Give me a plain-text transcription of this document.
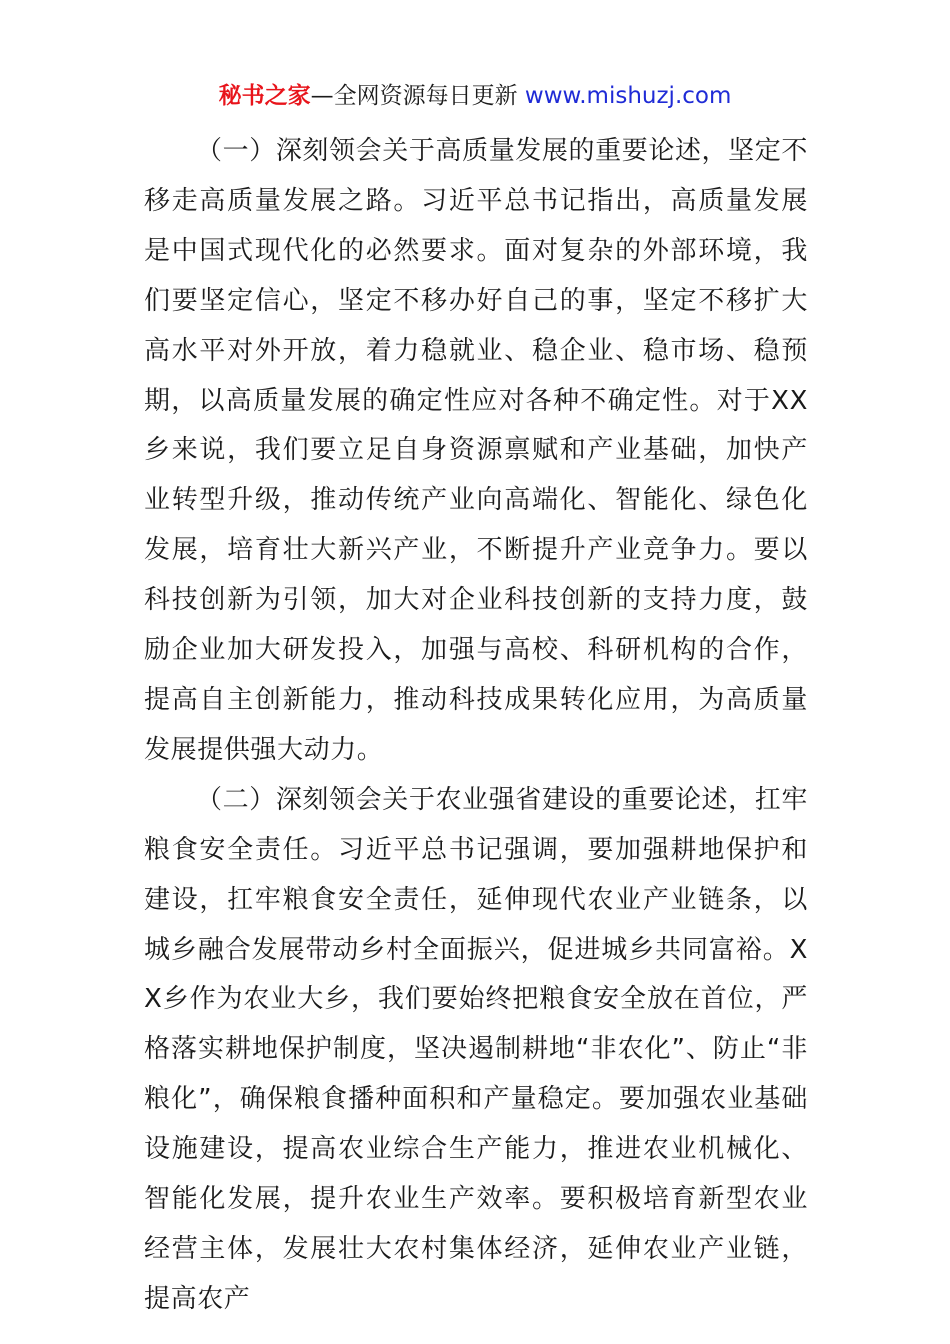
秘书之家—全网资源每日更新 www.mishuzj.com

（一）深刻领会关于高质量发展的重要论述，坚定不移走高质量发展之路。习近平总书记指出，高质量发展是中国式现代化的必然要求。面对复杂的外部环境，我们要坚定信心，坚定不移办好自己的事，坚定不移扩大高水平对外开放，着力稳就业、稳企业、稳市场、稳预期，以高质量发展的确定性应对各种不确定性。对于XX乡来说，我们要立足自身资源禀赋和产业基础，加快产业转型升级，推动传统产业向高端化、智能化、绿色化发展，培育壮大新兴产业，不断提升产业竞争力。要以科技创新为引领，加大对企业科技创新的支持力度，鼓励企业加大研发投入，加强与高校、科研机构的合作，提高自主创新能力，推动科技成果转化应用，为高质量发展提供强大动力。

（二）深刻领会关于农业强省建设的重要论述，扛牢粮食安全责任。习近平总书记强调，要加强耕地保护和建设，扛牢粮食安全责任，延伸现代农业产业链条，以城乡融合发展带动乡村全面振兴，促进城乡共同富裕。XX乡作为农业大乡，我们要始终把粮食安全放在首位，严格落实耕地保护制度，坚决遏制耕地“非农化”、防止“非粮化”，确保粮食播种面积和产量稳定。要加强农业基础设施建设，提高农业综合生产能力，推进农业机械化、智能化发展，提升农业生产效率。要积极培育新型农业经营主体，发展壮大农村集体经济，延伸农业产业链，提高农产
